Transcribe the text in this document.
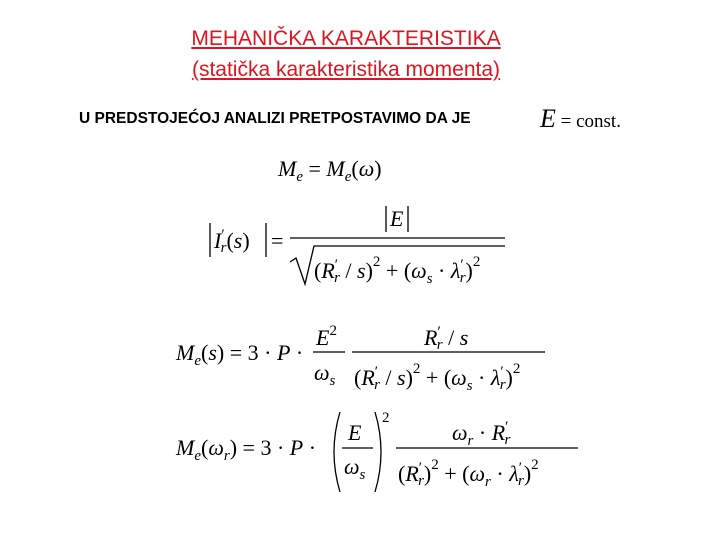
MEHANIČKA KARAKTERISTIKA
(statička karakteristika momenta)
U PREDSTOJEĆOJ ANALIZI PRETPOSTAVIMO DA JE	E = const.
$M_e = M_e(\omega)$
I′ r(s) =
E
(R′ $r / s)^2 + (\omega_s \cdot \lambda'$ r)$^2$
$M_e(s) = 3 \cdot P$ ·
$E^2$
$\omega_s$
R′ r / s
(R′ $r / s)^2 + (\omega_s \cdot \lambda'$ r)$^2$
$M_e(\omega_r) = 3 \cdot P$ ·
E
$\omega_s$
2
$\omega_r \cdot R'$ r
(R′ $r)^2 + (\omega_r \cdot \lambda'$ r)$^2$
